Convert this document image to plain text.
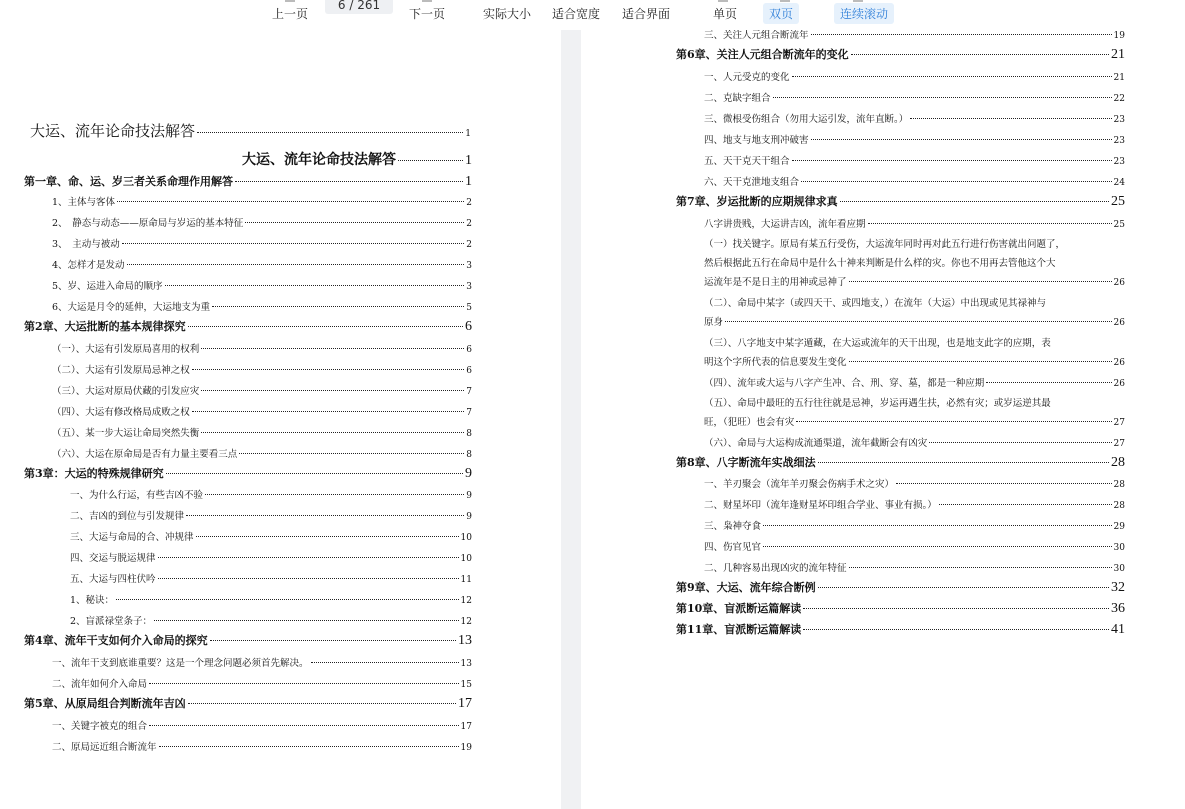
上一页
6 / 261
下一页	实际大小 适合宽度 适合界面	单页	双页	连续滚动
大运、流年论命技法解答	1
大运、流年论命技法解答	1
第一章、命、运、岁三者关系命理作用解答	1
1、主体与客体	2
2、　静态与动态——原命局与岁运的基本特征	2
3、　主动与被动	2
4、怎样才是发动	3
5、岁、运进入命局的顺序	3
6、大运是月令的延伸，大运地支为重	5
第2章、大运批断的基本规律探究	6
（一）、大运有引发原局喜用的权利	6
（二）、大运有引发原局忌神之权	6
（三）、大运对原局伏藏的引发应灾	7
（四）、大运有修改格局成败之权	7
（五）、某一步大运让命局突然失衡	8
（六）、大运在原命局是否有力量主要看三点	8
第3章：大运的特殊规律研究	9
一、为什么行运，有些吉凶不验	9
二、吉凶的到位与引发规律	9
三、大运与命局的合、冲规律	10
四、交运与脱运规律	10
五、大运与四柱伏吟	11
1、秘诀：	12
2、盲派禄堂条子：	12
第4章、流年干支如何介入命局的探究	13
一、流年干支到底谁重要？这是一个理念问题必须首先解决。	13
二、流年如何介入命局	15
第5章、从原局组合判断流年吉凶	17
一、关键字被克的组合	17
二、原局远近组合断流年	19
三、关注人元组合断流年	19
第6章、关注人元组合断流年的变化	21
一、人元受克的变化	21
二、克缺字组合	22
三、微根受伤组合（勿用大运引发，流年直断。）	23
四、地支与地支刑冲破害	23
五、天干克天干组合	23
六、天干克泄地支组合	24
第7章、岁运批断的应期规律求真	25
八字讲贵贱，大运讲吉凶，流年看应期	25
（一）找关键字。原局有某五行受伤，大运流年同时再对此五行进行伤害就出问题了，
然后根据此五行在命局中是什么十神来判断是什么样的灾。你也不用再去管他这个大
运流年是不是日主的用神或忌神了	26
（二）、命局中某字（或四天干、或四地支，）在流年（大运）中出现或见其禄神与
原身	26
（三）、八字地支中某字遁藏，在大运或流年的天干出现，也是地支此字的应期，表
明这个字所代表的信息要发生变化	26
（四）、流年或大运与八字产生冲、合、刑、穿、墓，都是一种应期	26
（五）、命局中最旺的五行往往就是忌神，岁运再遇生扶，必然有灾；或岁运逆其最
旺，（犯旺）也会有灾	27
（六）、命局与大运构成流通渠道，流年截断会有凶灾	27
第8章、八字断流年实战细法	28
一、羊刃聚会（流年羊刃聚会伤病手术之灾）	28
二、财星坏印（流年逢财星坏印组合学业、事业有损。）	28
三、枭神夺食	29
四、伤官见官	30
二、几种容易出现凶灾的流年特征	30
第9章、大运、流年综合断例	32
第10章、盲派断运篇解读	36
第11章、盲派断运篇解读	41
